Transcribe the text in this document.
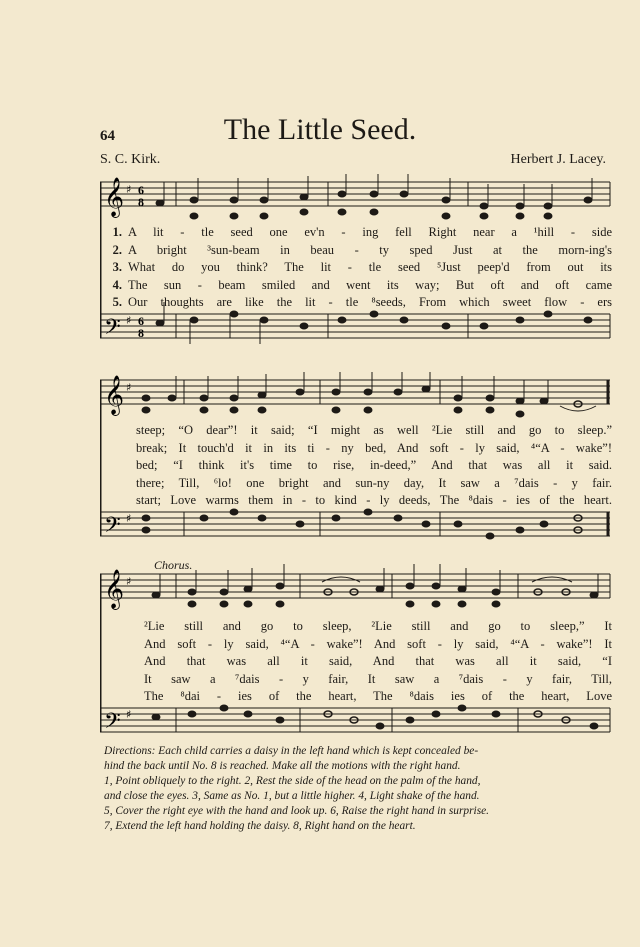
64	The Little Seed.
S. C. Kirk.	Herbert J. Lacey.
𝄞
𝄢
♯
♯
6
8
6
8
1. A lit - tle seed one ev'n - ing fell Right near a ¹hill - side
2. A bright ³sun-beam in beau - ty sped Just at the morn-ing's
3. What do you think? The lit - tle seed ⁵Just peep'd from out its
4. The sun - beam smiled and went its way; But oft and oft came
5. Our thoughts are like the lit - tle ⁸seeds, From which sweet flow - ers
𝄞
𝄢
♯
♯
steep; “O dear”! it said; “I might as well ²Lie still and go to sleep.”
break; It touch'd it in its ti - ny bed, And soft - ly said, ⁴“A - wake”!
bed; “I think it's time to rise, in-deed,” And that was all it said.
there; Till, ⁶lo! one bright and sun-ny day, It saw a ⁷dais - y fair.
start; Love warms them in - to kind - ly deeds, The ⁸dais - ies of the heart.
Chorus.
𝄞
𝄢
♯
♯
²Lie still and go to sleep, ²Lie still and go to sleep,” It
And soft - ly said, ⁴“A - wake”! And soft - ly said, ⁴“A - wake”! It
And that was all it said, And that was all it said, “I
It saw a ⁷dais - y fair, It saw a ⁷dais - y fair, Till,
The ⁸dai - ies of the heart, The ⁸dais ies of the heart, Love
Directions: Each child carries a daisy in the left hand which is kept concealed be-
hind the back until No. 8 is reached. Make all the motions with the right hand.
1, Point obliquely to the right. 2, Rest the side of the head on the palm of the hand,
and close the eyes. 3, Same as No. 1, but a little higher. 4, Light shake of the hand.
5, Cover the right eye with the hand and look up. 6, Raise the right hand in surprise.
7, Extend the left hand holding the daisy. 8, Right hand on the heart.
